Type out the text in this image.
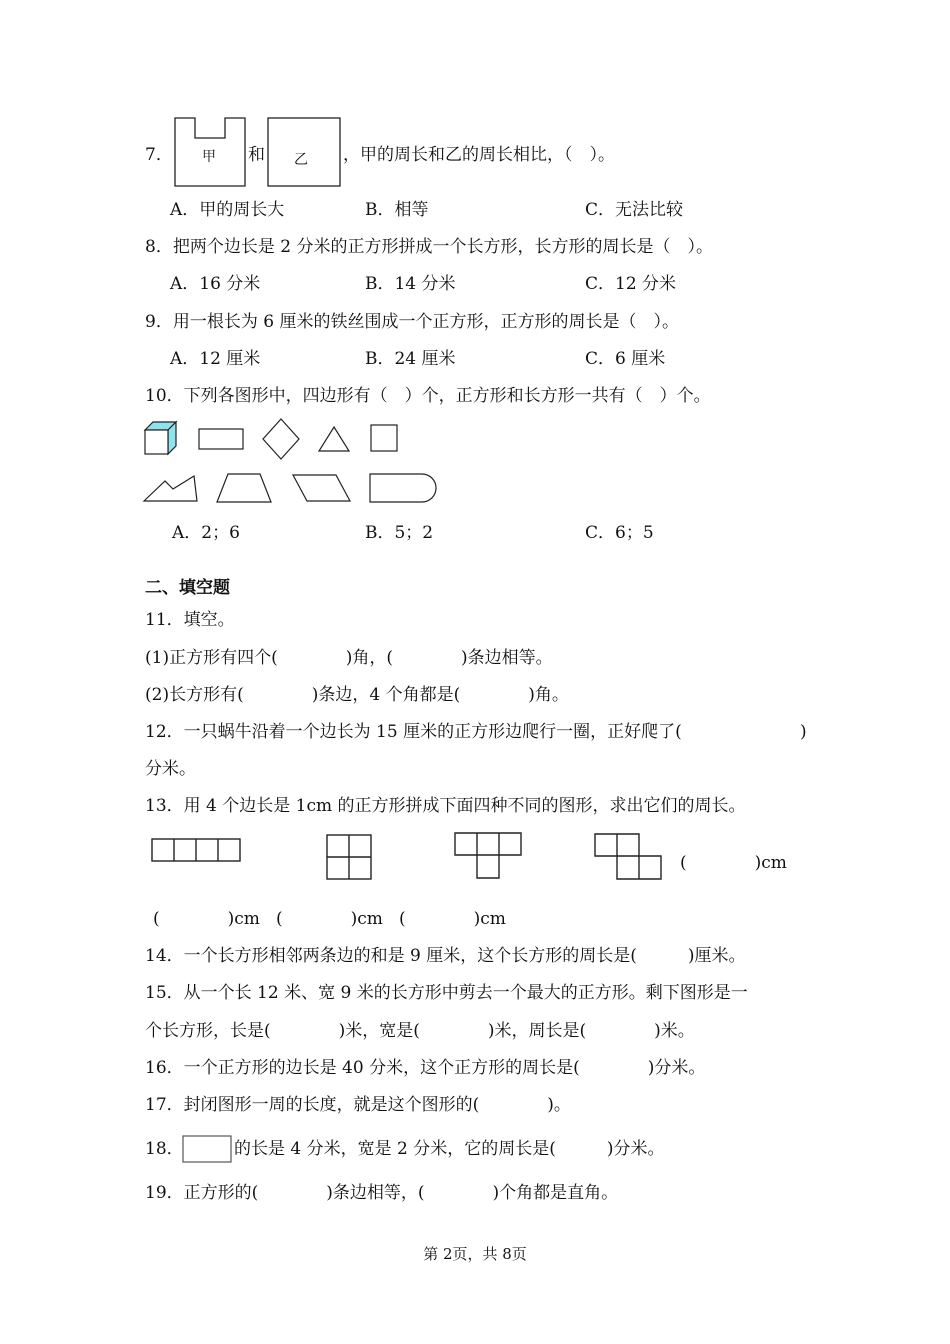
7． 甲 和 乙 ，甲的周长和乙的周长相比，（　）。
A．甲的周长大	B．相等	C．无法比较
8．把两个边长是 2 分米的正方形拼成一个长方形，长方形的周长是（　）。
A．16 分米	B．14 分米	C．12 分米
9．用一根长为 6 厘米的铁丝围成一个正方形，正方形的周长是（　）。
A．12 厘米	B．24 厘米	C．6 厘米
10．下列各图形中，四边形有（　）个，正方形和长方形一共有（　）个。
A．2；6	B．5；2	C．6；5
二、填空题
11．填空。
(1)正方形有四个(　　　　)角，(　　　　)条边相等。
(2)长方形有(　　　　)条边，4 个角都是(　　　　)角。
12．一只蜗牛沿着一个边长为 15 厘米的正方形边爬行一圈，正好爬了(	)
分米。
13．用 4 个边长是 1cm 的正方形拼成下面四种不同的图形，求出它们的周长。
(　　　　)cm
(　　　　)cm (　　　　)cm (　　　　)cm
14．一个长方形相邻两条边的和是 9 厘米，这个长方形的周长是(　　　)厘米。
15．从一个长 12 米、宽 9 米的长方形中剪去一个最大的正方形。剩下图形是一
个长方形，长是(　　　　)米，宽是(　　　　)米，周长是(　　　　)米。
16．一个正方形的边长是 40 分米，这个正方形的周长是(　　　　)分米。
17．封闭图形一周的长度，就是这个图形的(　　　　)。
18．	的长是 4 分米，宽是 2 分米，它的周长是(　　　)分米。
19．正方形的(　　　　)条边相等，(　　　　)个角都是直角。
第 2页，共 8页
